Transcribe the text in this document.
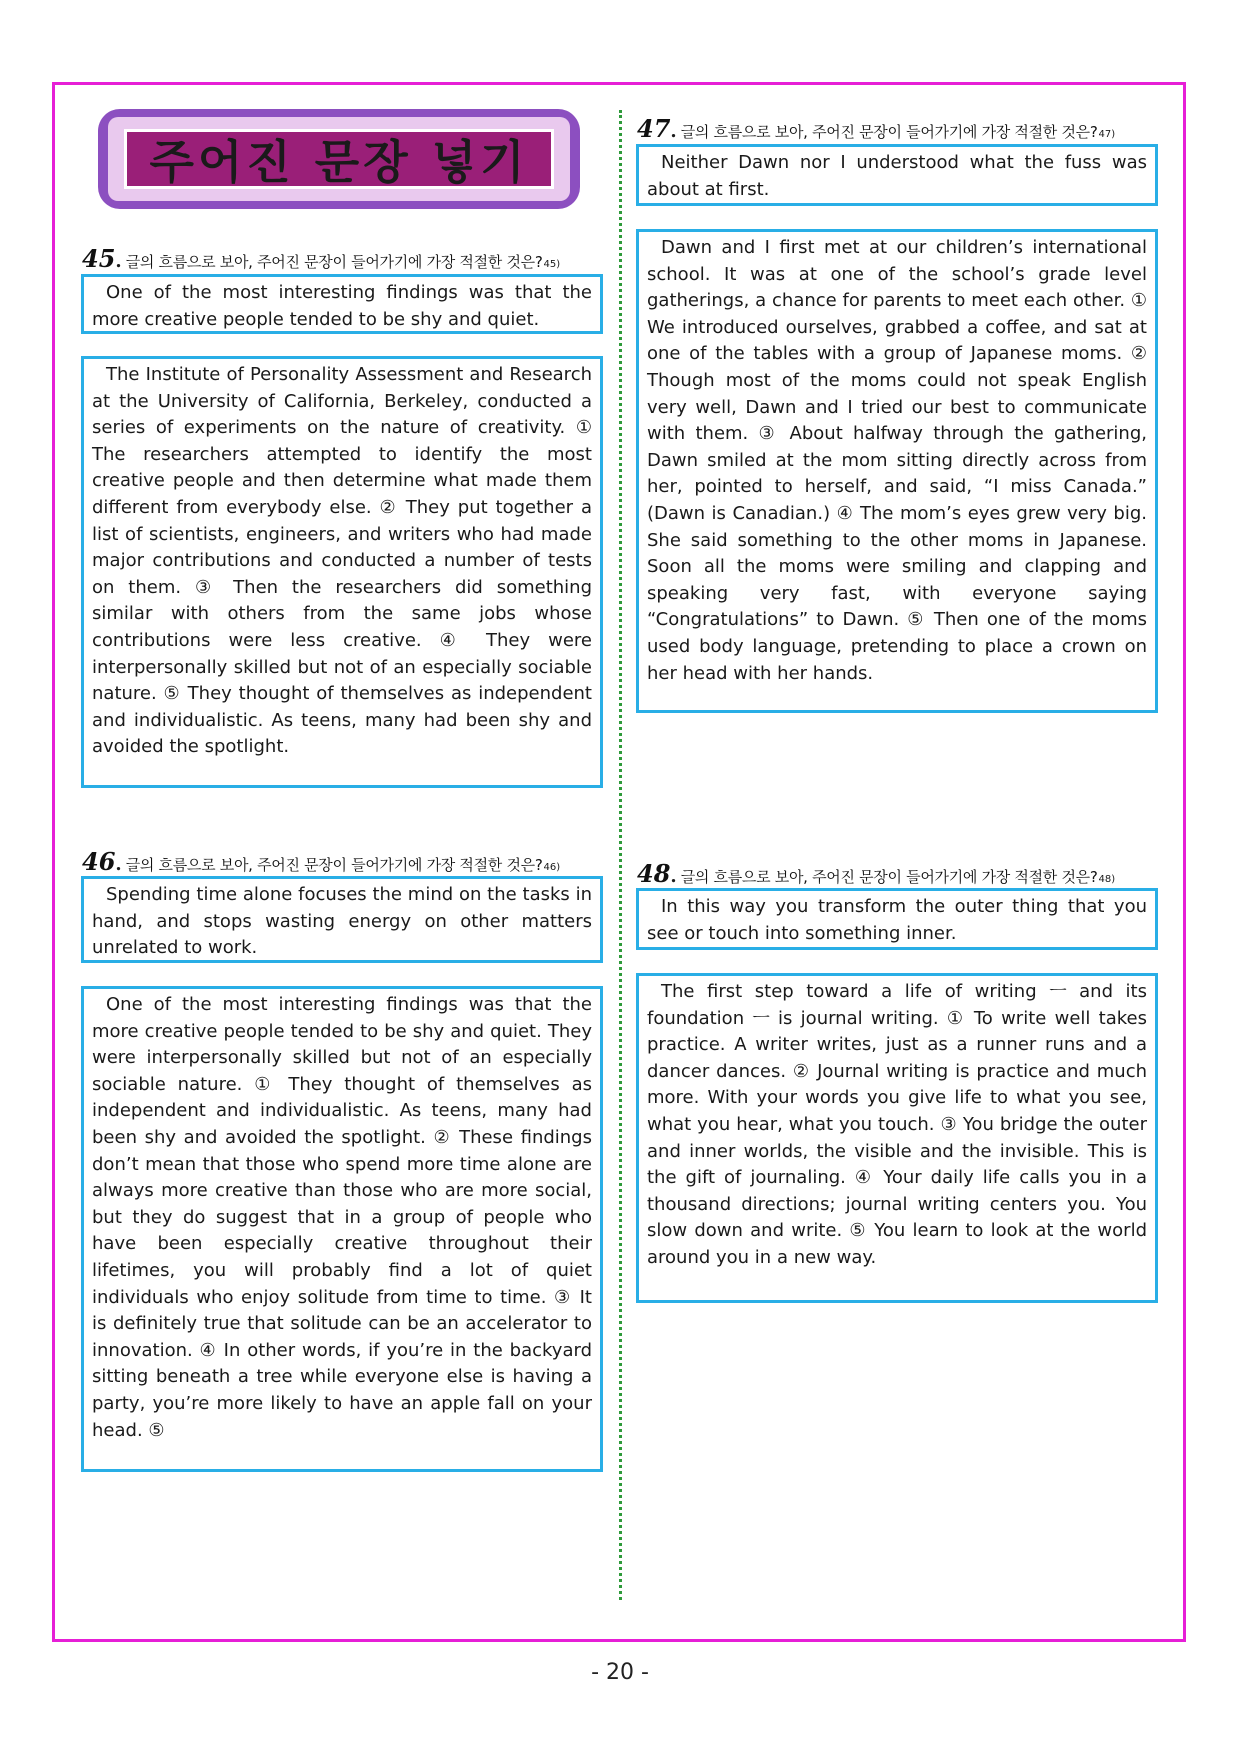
주어진 문장 넣기
45 . 글의 흐름으로 보아, 주어진 문장이 들어가기에 가장 적절한 것은? 45)

One of the most interesting findings was that the more creative people tended to be shy and quiet.

The Institute of Personality Assessment and Research at the University of California, Berkeley, conducted a series of experiments on the nature of creativity. ① The researchers attempted to identify the most creative people and then determine what made them different from everybody else. ② They put together a list of scientists, engineers, and writers who had made major contributions and conducted a number of tests on them. ③ Then the researchers did something similar with others from the same jobs whose contributions were less creative. ④ They were interpersonally skilled but not of an especially sociable nature. ⑤ They thought of themselves as independent and individualistic. As teens, many had been shy and avoided the spotlight.

46 . 글의 흐름으로 보아, 주어진 문장이 들어가기에 가장 적절한 것은? 46)

Spending time alone focuses the mind on the tasks in hand, and stops wasting energy on other matters unrelated to work.

One of the most interesting findings was that the more creative people tended to be shy and quiet. They were interpersonally skilled but not of an especially sociable nature. ① They thought of themselves as independent and individualistic. As teens, many had been shy and avoided the spotlight. ② These findings don’t mean that those who spend more time alone are always more creative than those who are more social, but they do suggest that in a group of people who have been especially creative throughout their lifetimes, you will probably find a lot of quiet individuals who enjoy solitude from time to time. ③ It is definitely true that solitude can be an accelerator to innovation. ④ In other words, if you’re in the backyard sitting beneath a tree while everyone else is having a party, you’re more likely to have an apple fall on your head. ⑤

47 . 글의 흐름으로 보아, 주어진 문장이 들어가기에 가장 적절한 것은? 47)

Neither Dawn nor I understood what the fuss was about at first.

Dawn and I first met at our children’s international school. It was at one of the school’s grade level gatherings, a chance for parents to meet each other. ① We introduced ourselves, grabbed a coffee, and sat at one of the tables with a group of Japanese moms. ② Though most of the moms could not speak English very well, Dawn and I tried our best to communicate with them. ③ About halfway through the gathering, Dawn smiled at the mom sitting directly across from her, pointed to herself, and said, “I miss Canada.” (Dawn is Canadian.) ④ The mom’s eyes grew very big. She said something to the other moms in Japanese. Soon all the moms were smiling and clapping and speaking very fast, with everyone saying “Congratulations” to Dawn. ⑤ Then one of the moms used body language, pretending to place a crown on her head with her hands.

48 . 글의 흐름으로 보아, 주어진 문장이 들어가기에 가장 적절한 것은? 48)

In this way you transform the outer thing that you see or touch into something inner.

The first step toward a life of writing ㅡ and its foundation ㅡ is journal writing. ① To write well takes practice. A writer writes, just as a runner runs and a dancer dances. ② Journal writing is practice and much more. With your words you give life to what you see, what you hear, what you touch. ③ You bridge the outer and inner worlds, the visible and the invisible. This is the gift of journaling. ④ Your daily life calls you in a thousand directions; journal writing centers you. You slow down and write. ⑤ You learn to look at the world around you in a new way.

- 20 -
